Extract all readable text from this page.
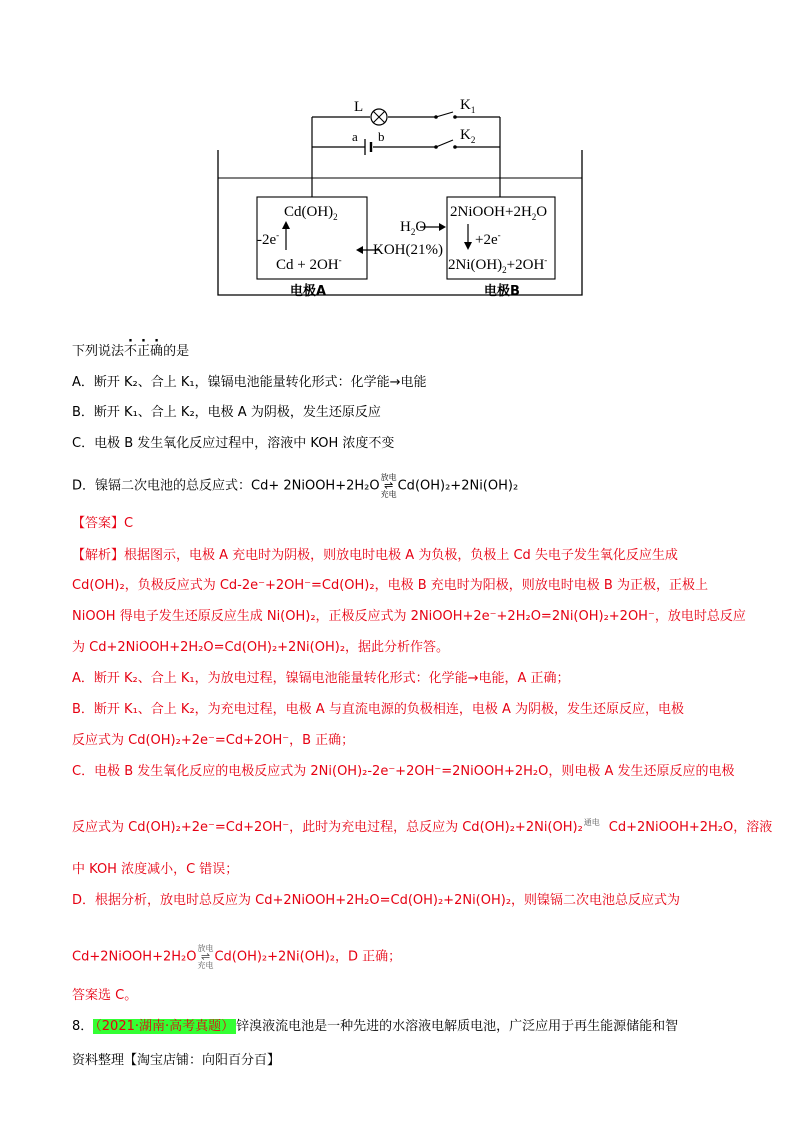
L	$K_1$
a b	$K_2$
$Cd(OH)_2$
-2e-
Cd + 2OH-
KOH(21%)
$H_2O$
$2NiOOH+2H_2O$
+2e-
$2Ni(OH)_2+2OH^-$
电极A	电极B
下列说法不正确的是
A．断开 K₂、合上 K₁，镍镉电池能量转化形式：化学能→电能
B．断开 K₁、合上 K₂，电极 A 为阴极，发生还原反应
C．电极 B 发生氧化反应过程中，溶液中 KOH 浓度不变
D．镍镉二次电池的总反应式：Cd+ 2NiOOH+2H₂O
放电
⇌
充电
Cd(OH)₂+2Ni(OH)₂
【答案】C
【解析】根据图示，电极 A 充电时为阴极，则放电时电极 A 为负极，负极上 Cd 失电子发生氧化反应生成
Cd(OH)₂，负极反应式为 Cd-2e⁻+2OH⁻=Cd(OH)₂，电极 B 充电时为阳极，则放电时电极 B 为正极，正极上
NiOOH 得电子发生还原反应生成 Ni(OH)₂，正极反应式为 2NiOOH+2e⁻+2H₂O=2Ni(OH)₂+2OH⁻，放电时总反应
为 Cd+2NiOOH+2H₂O=Cd(OH)₂+2Ni(OH)₂，据此分析作答。
A．断开 K₂、合上 K₁，为放电过程，镍镉电池能量转化形式：化学能→电能，A 正确；
B．断开 K₁、合上 K₂，为充电过程，电极 A 与直流电源的负极相连，电极 A 为阴极，发生还原反应，电极
反应式为 Cd(OH)₂+2e⁻=Cd+2OH⁻，B 正确；
C．电极 B 发生氧化反应的电极反应式为 2Ni(OH)₂-2e⁻+2OH⁻=2NiOOH+2H₂O，则电极 A 发生还原反应的电极
反应式为 Cd(OH)₂+2e⁻=Cd+2OH⁻，此时为充电过程，总反应为 Cd(OH)₂+2Ni(OH)₂ 通电
Cd+2NiOOH+2H₂O，溶液
中 KOH 浓度减小，C 错误；
D．根据分析，放电时总反应为 Cd+2NiOOH+2H₂O=Cd(OH)₂+2Ni(OH)₂，则镍镉二次电池总反应式为
Cd+2NiOOH+2H₂O
放电
⇌
充电
Cd(OH)₂+2Ni(OH)₂，D 正确；
答案选 C。
8． （2021·湖南·高考真题） 锌溴液流电池是一种先进的水溶液电解质电池，广泛应用于再生能源储能和智
资料整理【淘宝店铺：向阳百分百】
